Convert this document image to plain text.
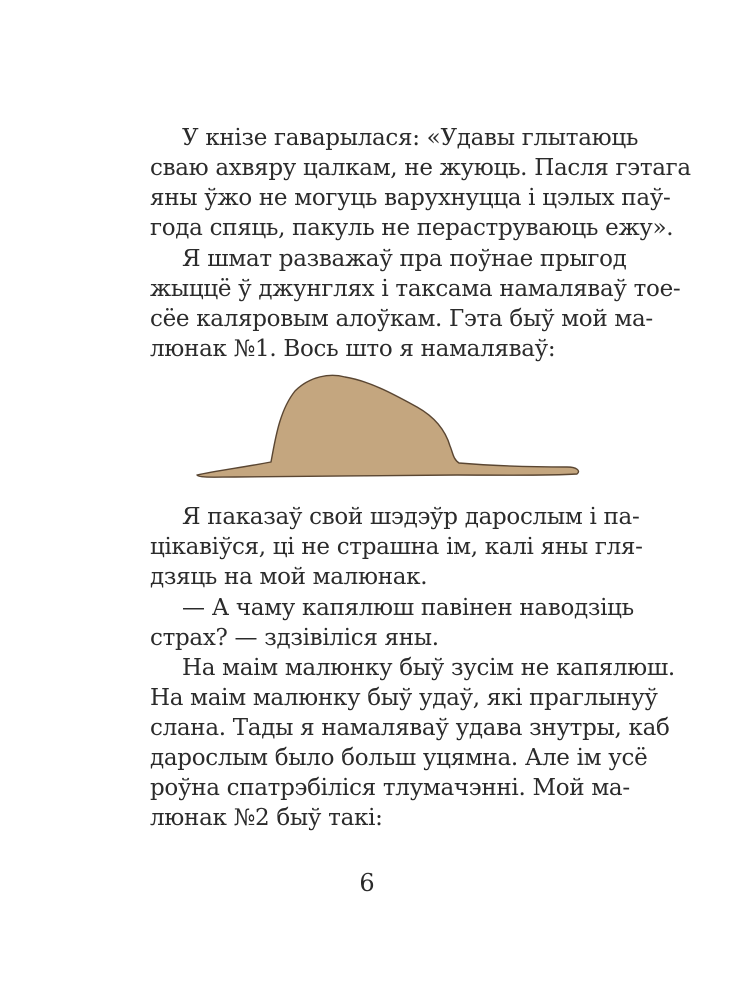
У кнізе гаварылася: «Удавы глытаюць
сваю ахвяру цалкам, не жуюць. Пасля гэтага
яны ўжо не могуць варухнуцца і цэлых паў-
года спяць, пакуль не пераструваюць ежу».
Я шмат разважаў пра поўнае прыгод
жыццё ў джунглях і таксама намаляваў тое-
сёе каляровым алоўкам. Гэта быў мой ма-
люнак №1. Вось што я намаляваў:
Я паказаў свой шэдэўр дарослым і па-
цікавіўся, ці не страшна ім, калі яны гля-
дзяць на мой малюнак.
— А чаму капялюш павінен наводзіць
страх? — здзівіліся яны.
На маім малюнку быў зусім не капялюш.
На маім малюнку быў удаў, які праглынуў
слана. Тады я намаляваў удава знутры, каб
дарослым было больш уцямна. Але ім усё
роўна спатрэбіліся тлумачэнні. Мой ма-
люнак №2 быў такі:
6
